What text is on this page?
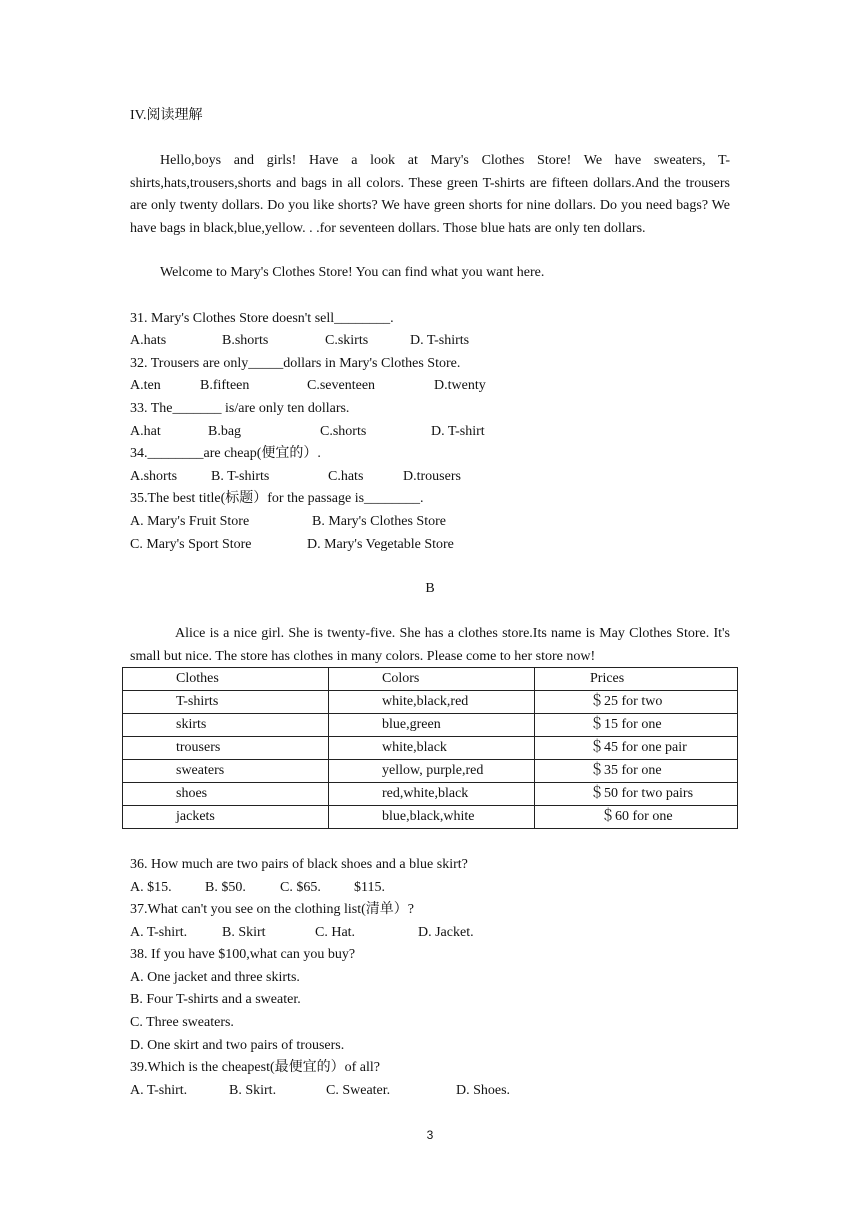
IV.阅读理解
Hello,boys and girls! Have a look at Mary's Clothes Store! We have sweaters, T-shirts,hats,trousers,shorts and bags in all colors. These green T-shirts are fifteen dollars.And the trousers are only twenty dollars. Do you like shorts? We have green shorts for nine dollars. Do you need bags? We have bags in black,blue,yellow. . .for seventeen dollars. Those blue hats are only ten dollars.
Welcome to Mary's Clothes Store! You can find what you want here.
31. Mary's Clothes Store doesn't sell________.
A.hats	B.shorts	C.skirts	D. T-shirts
32. Trousers are only_____dollars in Mary's Clothes Store.
A.ten	B.fifteen	C.seventeen	D.twenty
33. The_______ is/are only ten dollars.
A.hat	B.bag	C.shorts	D. T-shirt
34.________are cheap(便宜的）.
A.shorts B. T-shirts	C.hats	D.trousers
35.The best title(标题）for the passage is________.
A. Mary's Fruit Store	B. Mary's Clothes Store
C. Mary's Sport Store	D. Mary's Vegetable Store
B
Alice is a nice girl. She is twenty-five. She has a clothes store.Its name is May Clothes Store. It's small but nice. The store has clothes in many colors. Please come to her store now!
Clothes	Colors	Prices
T-shirts	white,black,red	＄25 for two
skirts	blue,green	＄15 for one
trousers	white,black	＄45 for one pair
sweaters	yellow, purple,red	＄35 for one
shoes	red,white,black	＄50 for two pairs
jackets	blue,black,white	＄60 for one
36. How much are two pairs of black shoes and a blue skirt?
A. $15. B. $50. C. $65. $115.
37.What can't you see on the clothing list(清单）?
A. T-shirt. B. Skirt	C. Hat.	D. Jacket.
38. If you have $100,what can you buy?
A. One jacket and three skirts.
B. Four T-shirts and a sweater.
C. Three sweaters.
D. One skirt and two pairs of trousers.
39.Which is the cheapest(最便宜的）of all?
A. T-shirt.	B. Skirt.	C. Sweater.	D. Shoes.
3
